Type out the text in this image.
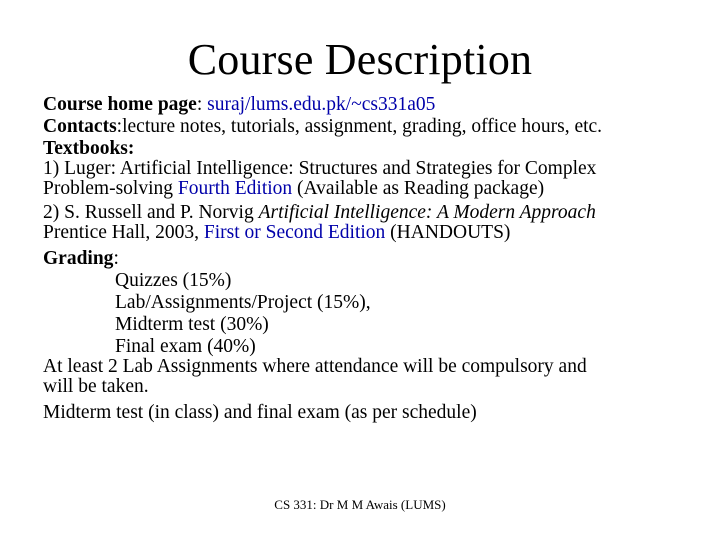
Course Description
Course home page: suraj/lums.edu.pk/~cs331a05
Contacts:lecture notes, tutorials, assignment, grading, office hours, etc.
Textbooks:
1) Luger: Artificial Intelligence: Structures and Strategies for Complex
Problem-solving Fourth Edition (Available as Reading package)
2) S. Russell and P. Norvig Artificial Intelligence: A Modern Approach
Prentice Hall, 2003, First or Second Edition (HANDOUTS)
Grading:
Quizzes (15%)
Lab/Assignments/Project (15%),
Midterm test (30%)
Final exam (40%)
At least 2 Lab Assignments where attendance will be compulsory and
will be taken.
Midterm test (in class) and final exam (as per schedule)
CS 331: Dr M M Awais (LUMS)
